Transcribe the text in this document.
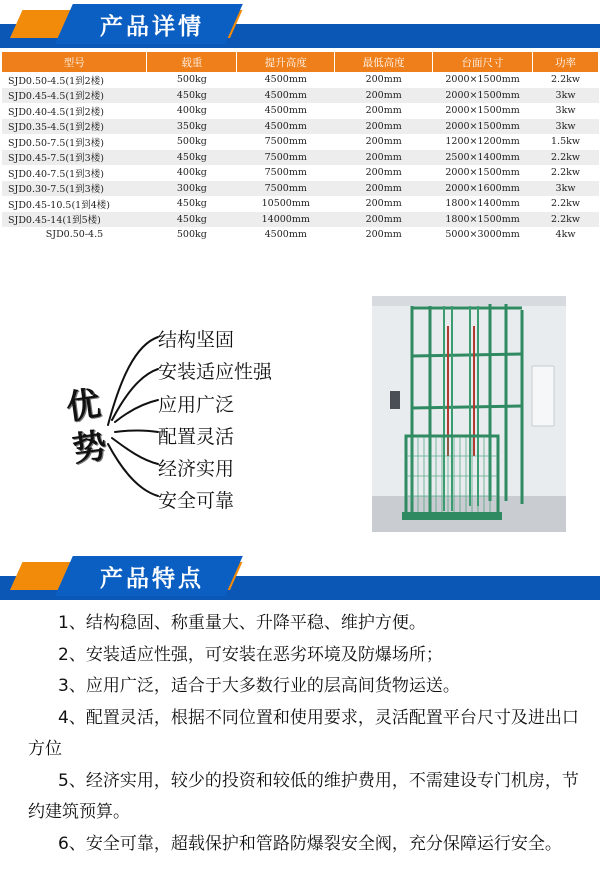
产品详情
型号	载重	提升高度	最低高度	台面尺寸	功率
SJD0.50-4.5(1到2楼)	500kg	4500mm	200mm	2000×1500mm	2.2kw
SJD0.45-4.5(1到2楼)	450kg	4500mm	200mm	2000×1500mm	3kw
SJD0.40-4.5(1到2楼)	400kg	4500mm	200mm	2000×1500mm	3kw
SJD0.35-4.5(1到2楼)	350kg	4500mm	200mm	2000×1500mm	3kw
SJD0.50-7.5(1到3楼)	500kg	7500mm	200mm	1200×1200mm	1.5kw
SJD0.45-7.5(1到3楼)	450kg	7500mm	200mm	2500×1400mm	2.2kw
SJD0.40-7.5(1到3楼)	400kg	7500mm	200mm	2000×1500mm	2.2kw
SJD0.30-7.5(1到3楼)	300kg	7500mm	200mm	2000×1600mm	3kw
SJD0.45-10.5(1到4楼)	450kg	10500mm	200mm	1800×1400mm	2.2kw
SJD0.45-14(1到5楼)	450kg	14000mm	200mm	1800×1500mm	2.2kw
SJD0.50-4.5	500kg	4500mm	200mm	5000×3000mm	4kw
优
势
结构坚固
安装适应性强
应用广泛
配置灵活
经济实用
安全可靠
产品特点

1、结构稳固、称重量大、升降平稳、维护方便。

2、安装适应性强，可安装在恶劣环境及防爆场所；

3、应用广泛，适合于大多数行业的层高间货物运送。

4、配置灵活，根据不同位置和使用要求，灵活配置平台尺寸及进出口方位

5、经济实用，较少的投资和较低的维护费用，不需建设专门机房，节约建筑预算。

6、安全可靠，超载保护和管路防爆裂安全阀，充分保障运行安全。
